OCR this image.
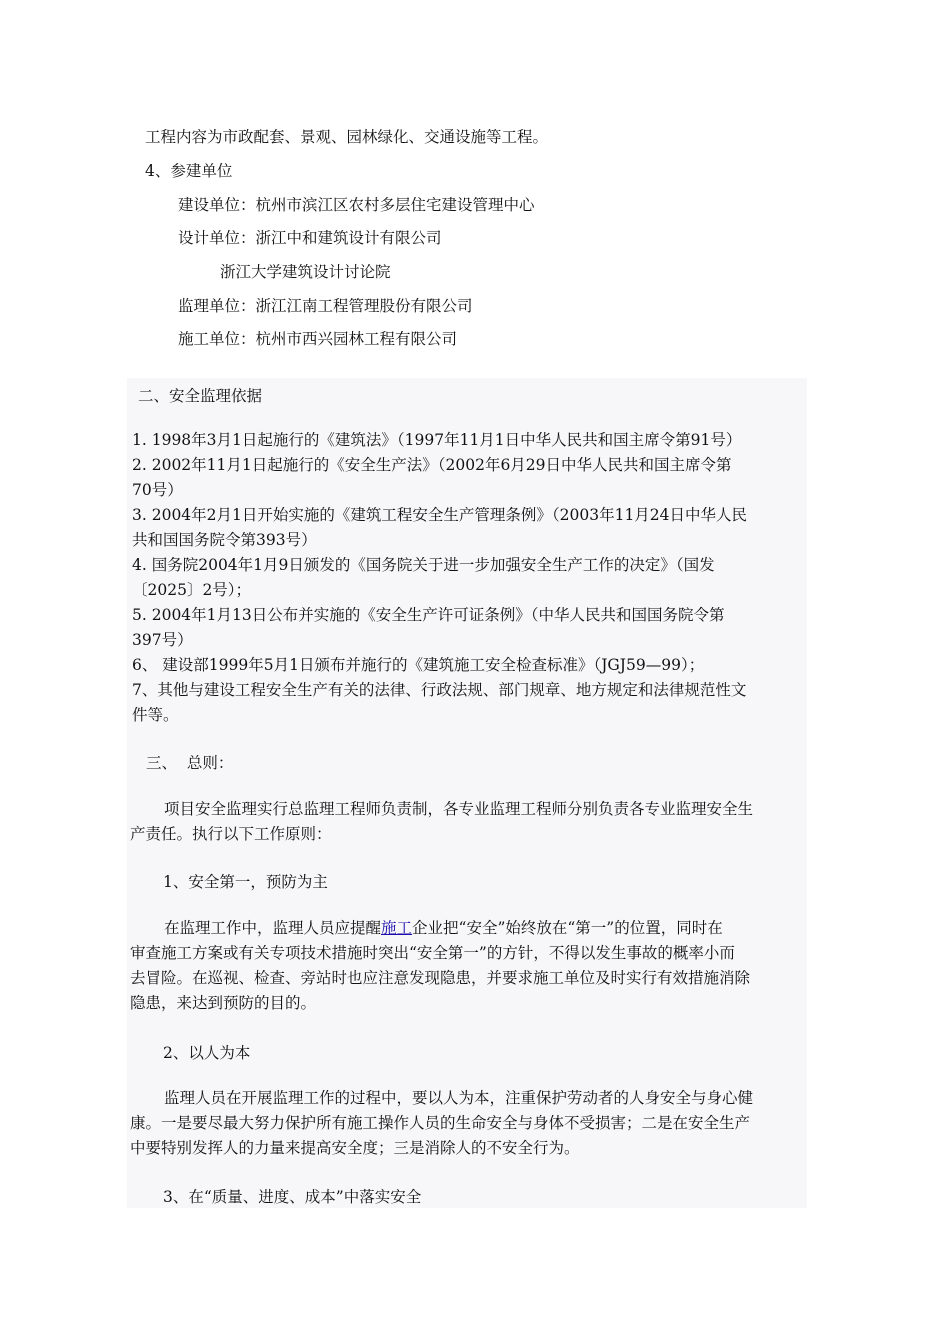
工程内容为市政配套、景观、园林绿化、交通设施等工程。
4、参建单位
建设单位：杭州市滨江区农村多层住宅建设管理中心
设计单位：浙江中和建筑设计有限公司
浙江大学建筑设计讨论院
监理单位：浙江江南工程管理股份有限公司
施工单位：杭州市西兴园林工程有限公司
二、安全监理依据
1. 1998年3月1日起施行的《建筑法》（1997年11月1日中华人民共和国主席令第91号）
2. 2002年11月1日起施行的《安全生产法》（2002年6月29日中华人民共和国主席令第
70号）
3. 2004年2月1日开始实施的《建筑工程安全生产管理条例》（2003年11月24日中华人民
共和国国务院令第393号）
4. 国务院2004年1月9日颁发的《国务院关于进一步加强安全生产工作的决定》（国发
〔2025〕2号）；
5. 2004年1月13日公布并实施的《安全生产许可证条例》（中华人民共和国国务院令第
397号）
6、 建设部1999年5月1日颁布并施行的《建筑施工安全检查标准》（JGJ59—99）；
7、其他与建设工程安全生产有关的法律、行政法规、部门规章、地方规定和法律规范性文
件等。
三、  总则：
项目安全监理实行总监理工程师负责制，各专业监理工程师分别负责各专业监理安全生
产责任。执行以下工作原则：
1、安全第一，预防为主
在监理工作中，监理人员应提醒施工企业把“安全”始终放在“第一”的位置，同时在
审查施工方案或有关专项技术措施时突出“安全第一”的方针，不得以发生事故的概率小而
去冒险。在巡视、检查、旁站时也应注意发现隐患，并要求施工单位及时实行有效措施消除
隐患，来达到预防的目的。
2、以人为本
监理人员在开展监理工作的过程中，要以人为本，注重保护劳动者的人身安全与身心健
康。一是要尽最大努力保护所有施工操作人员的生命安全与身体不受损害；二是在安全生产
中要特别发挥人的力量来提高安全度；三是消除人的不安全行为。
3、在“质量、进度、成本”中落实安全
